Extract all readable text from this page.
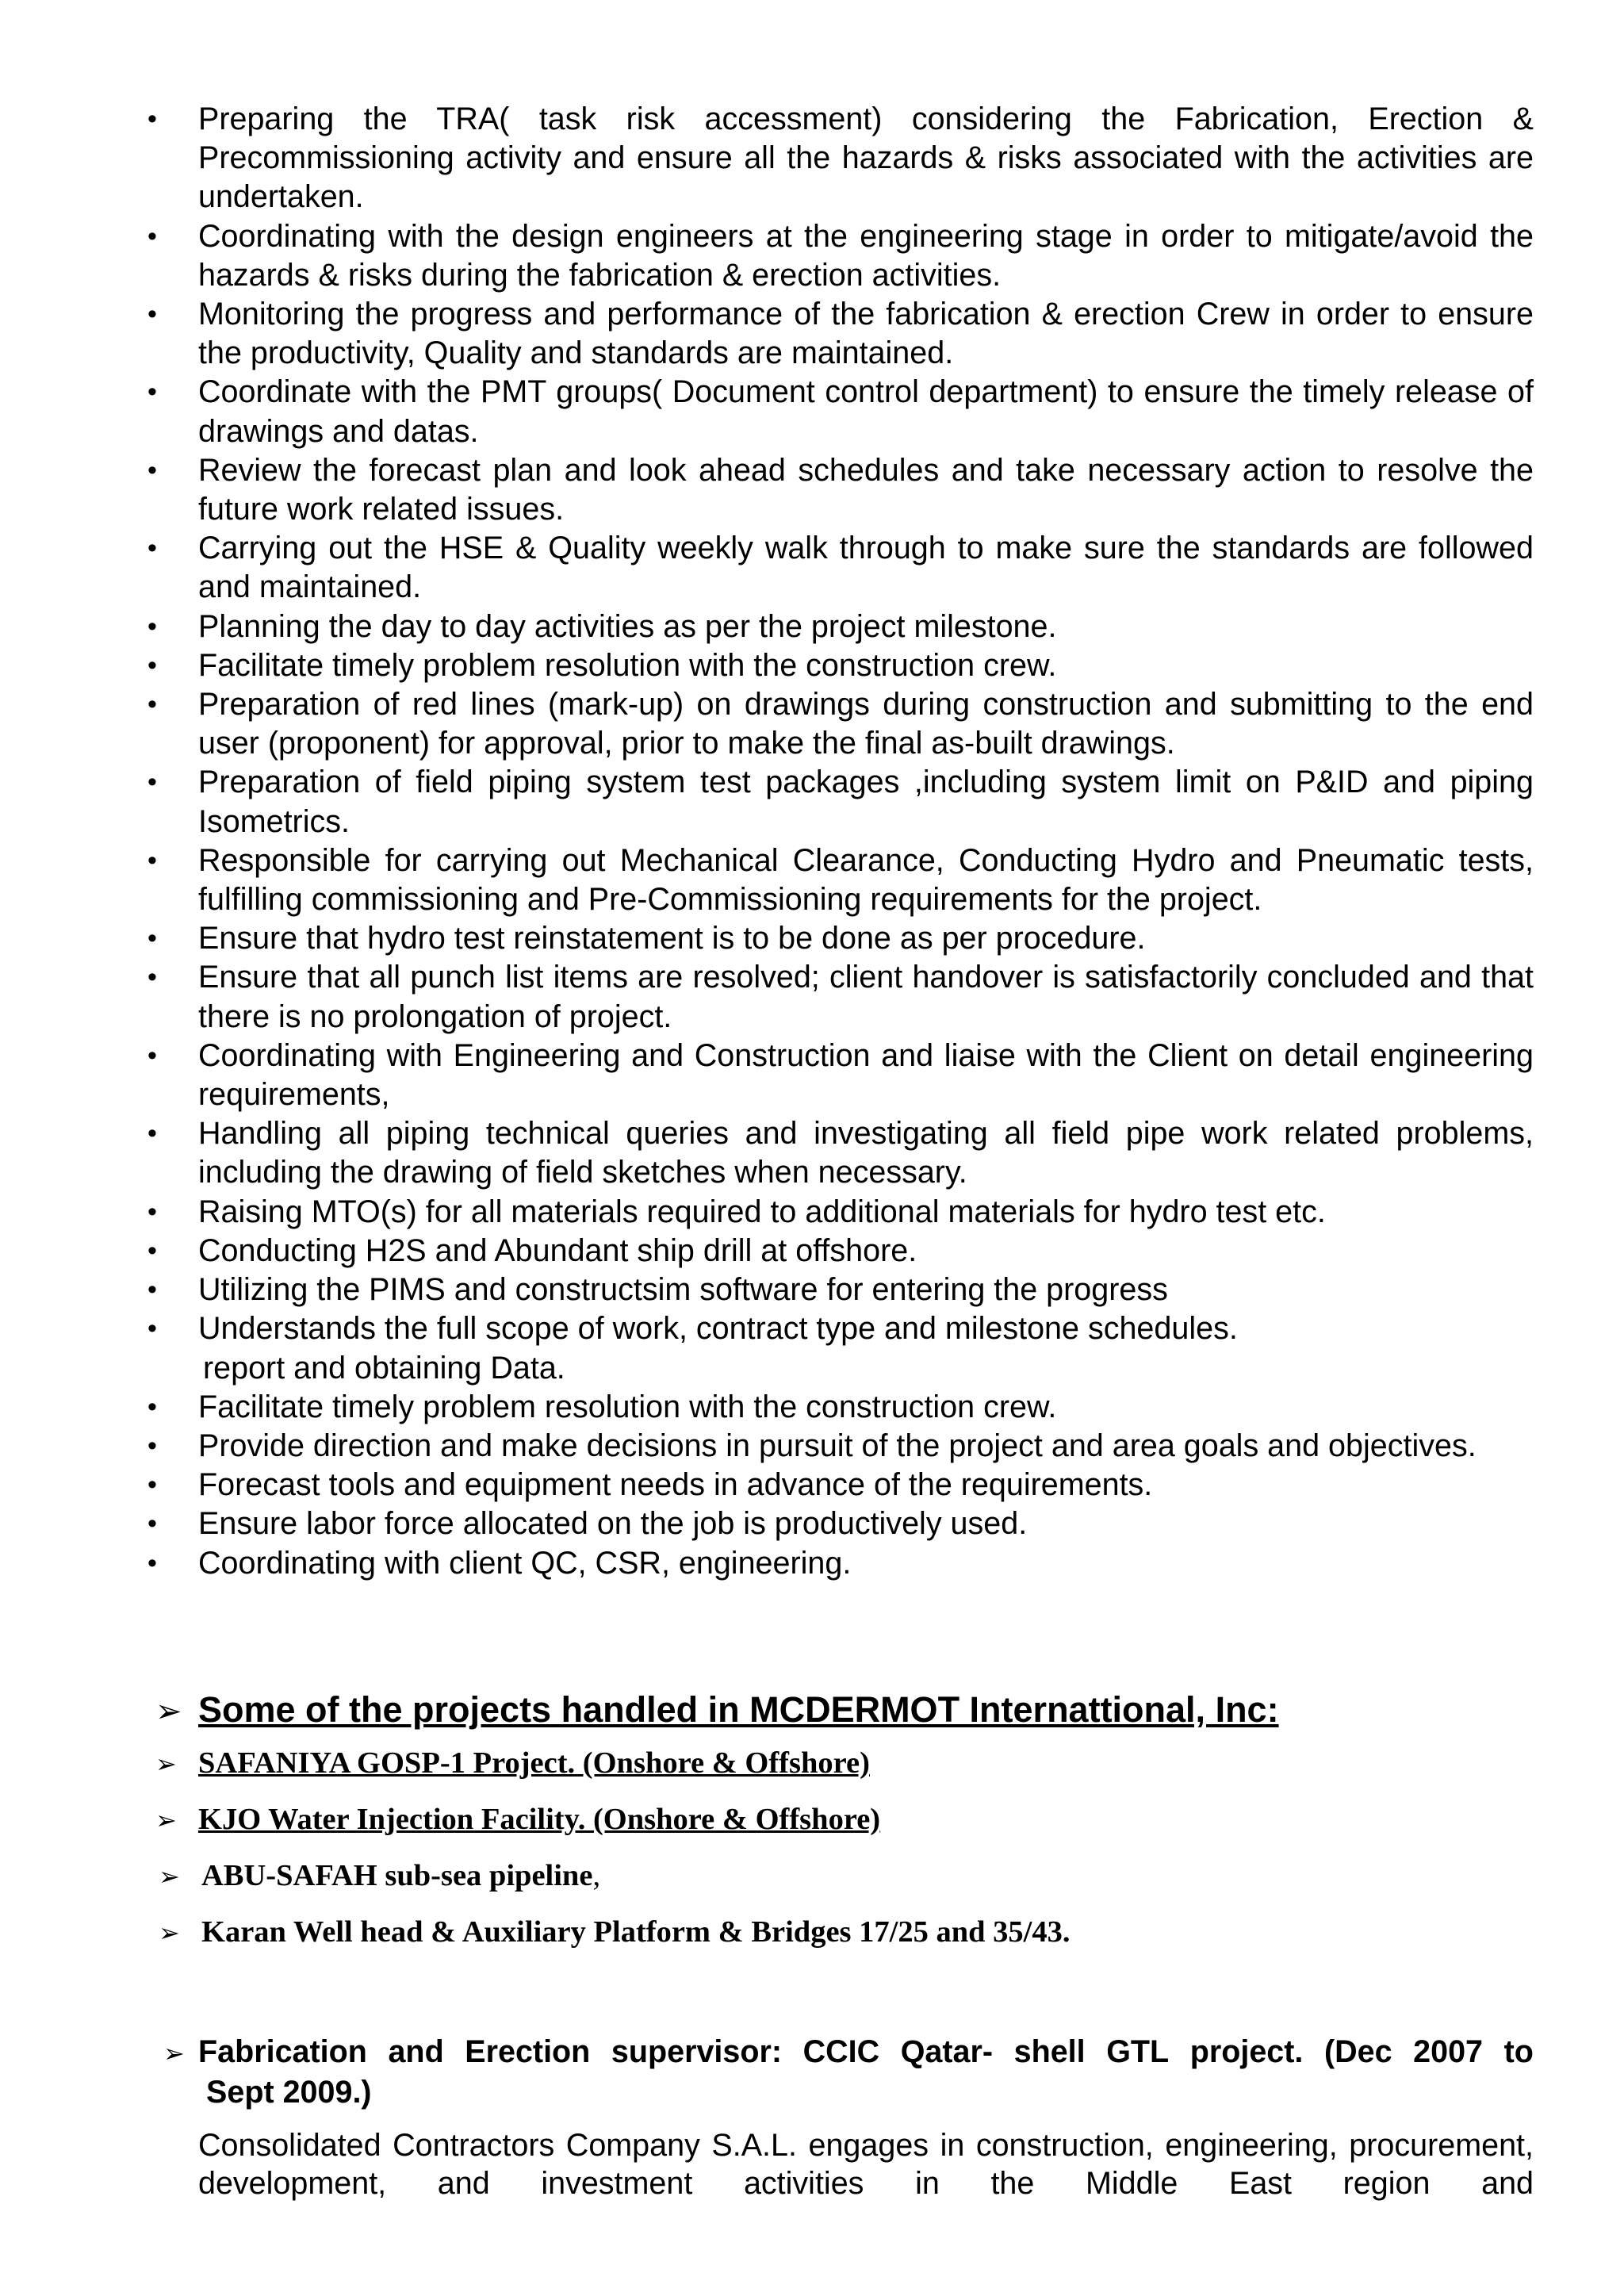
• Preparing the TRA( task risk accessment) considering the Fabrication, Erection & Precommissioning activity and ensure all the hazards & risks associated with the activities are undertaken.
• Coordinating with the design engineers at the engineering stage in order to mitigate/avoid the hazards & risks during the fabrication & erection activities.
• Monitoring the progress and performance of the fabrication & erection Crew in order to ensure the productivity, Quality and standards are maintained.
• Coordinate with the PMT groups( Document control department) to ensure the timely release of drawings and datas.
• Review the forecast plan and look ahead schedules and take necessary action to resolve the future work related issues.
• Carrying out the HSE & Quality weekly walk through to make sure the standards are followed and maintained.
• Planning the day to day activities as per the project milestone.
• Facilitate timely problem resolution with the construction crew.
• Preparation of red lines (mark-up) on drawings during construction and submitting to the end user (proponent) for approval, prior to make the final as-built drawings.
• Preparation of field piping system test packages ,including system limit on P&ID and piping Isometrics.
• Responsible for carrying out Mechanical Clearance, Conducting Hydro and Pneumatic tests, fulfilling commissioning and Pre-Commissioning requirements for the project.
• Ensure that hydro test reinstatement is to be done as per procedure.
• Ensure that all punch list items are resolved; client handover is satisfactorily concluded and that there is no prolongation of project.
• Coordinating with Engineering and Construction and liaise with the Client on detail engineering requirements,
• Handling all piping technical queries and investigating all field pipe work related problems, including the drawing of field sketches when necessary.
• Raising MTO(s) for all materials required to additional materials for hydro test etc.
• Conducting H2S and Abundant ship drill at offshore.
• Utilizing the PIMS and constructsim software for entering the progress
• Understands the full scope of work, contract type and milestone schedules.
report and obtaining Data.
• Facilitate timely problem resolution with the construction crew.
• Provide direction and make decisions in pursuit of the project and area goals and objectives.
• Forecast tools and equipment needs in advance of the requirements.
• Ensure labor force allocated on the job is productively used.
• Coordinating with client QC, CSR, engineering.
➢ Some of the projects handled in MCDERMOT Internattional, Inc:
➢ SAFANIYA GOSP-1 Project. (Onshore & Offshore)
➢ KJO Water Injection Facility. (Onshore & Offshore)
➢ ABU-SAFAH sub-sea pipeline,
➢ Karan Well head & Auxiliary Platform & Bridges 17/25 and 35/43.
➢ Fabrication and Erection supervisor: CCIC Qatar- shell GTL project. (Dec 2007 to
Sept 2009.)
Consolidated Contractors Company S.A.L. engages in construction, engineering, procurement, development, and investment activities in the Middle East region and
